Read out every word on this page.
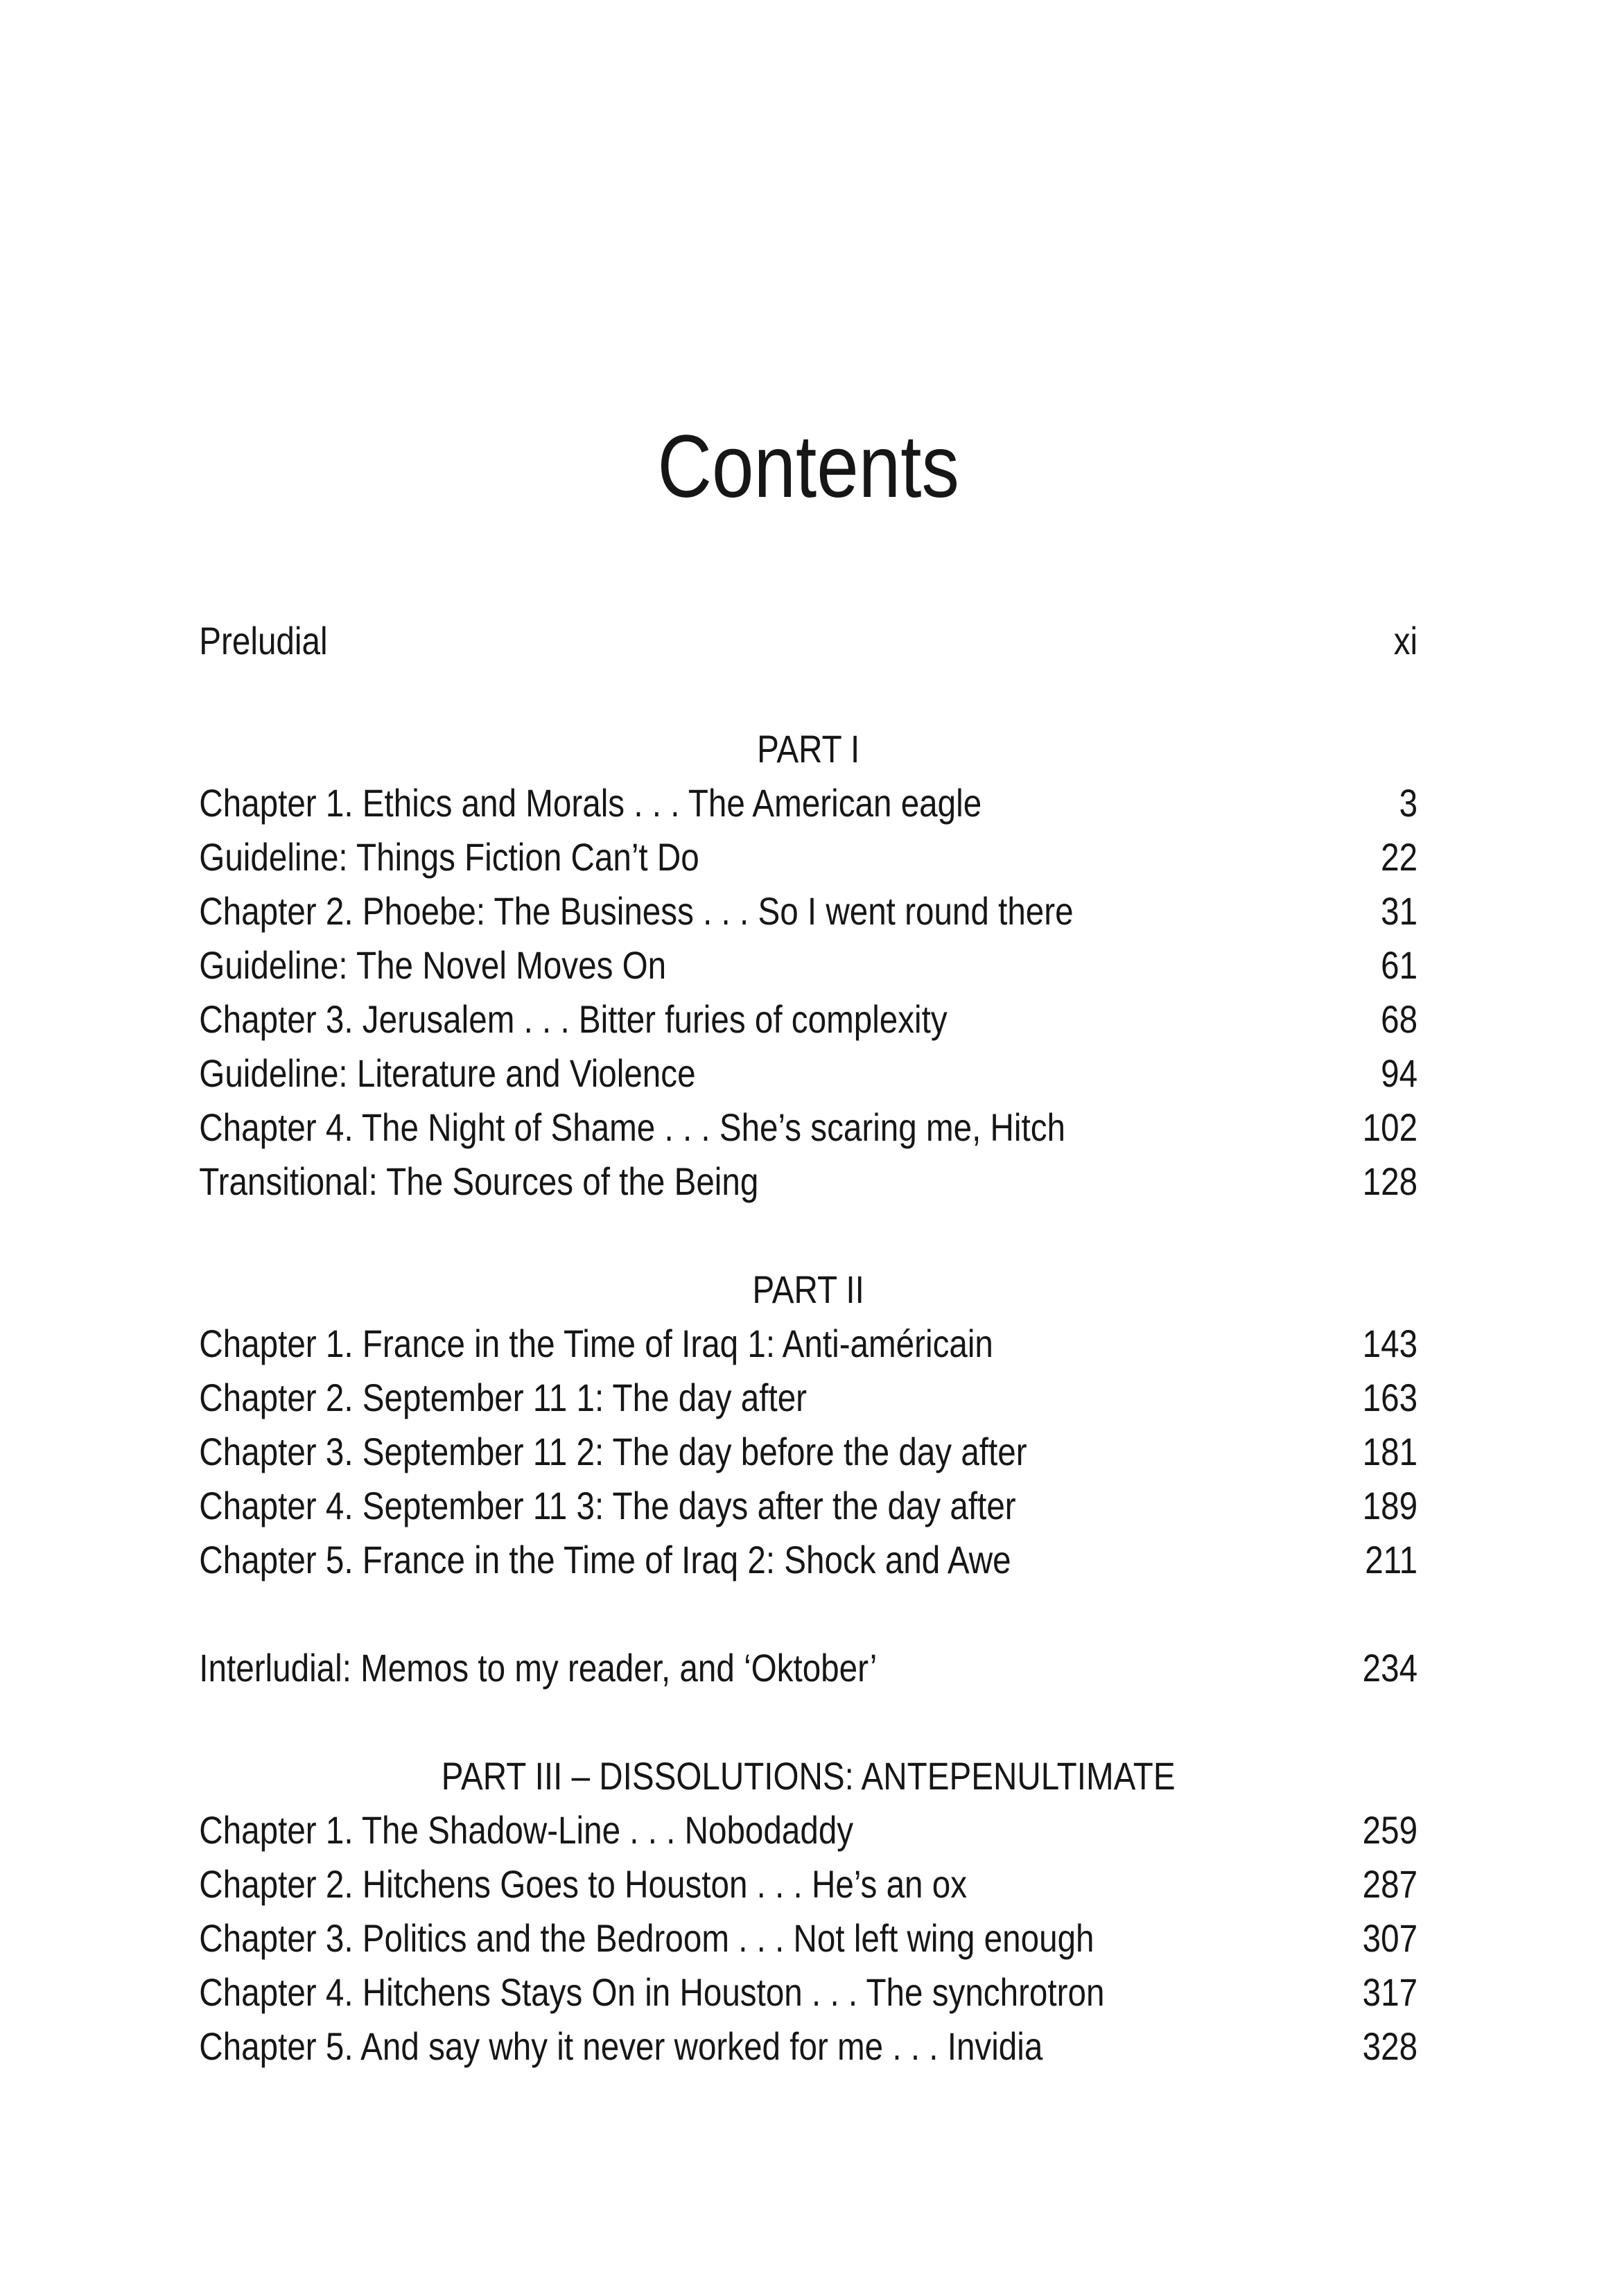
Contents
Preludial	xi
PART I
Chapter 1. Ethics and Morals . . . The American eagle	3
Guideline: Things Fiction Can’t Do	22
Chapter 2. Phoebe: The Business . . . So I went round there	31
Guideline: The Novel Moves On	61
Chapter 3. Jerusalem . . . Bitter furies of complexity	68
Guideline: Literature and Violence	94
Chapter 4. The Night of Shame . . . She’s scaring me, Hitch	102
Transitional: The Sources of the Being	128
PART II
Chapter 1. France in the Time of Iraq 1: Anti-américain	143
Chapter 2. September 11 1: The day after	163
Chapter 3. September 11 2: The day before the day after	181
Chapter 4. September 11 3: The days after the day after	189
Chapter 5. France in the Time of Iraq 2: Shock and Awe	211
Interludial: Memos to my reader, and ‘Oktober’	234
PART III – DISSOLUTIONS: ANTEPENULTIMATE
Chapter 1. The Shadow-Line . . . Nobodaddy	259
Chapter 2. Hitchens Goes to Houston . . . He’s an ox	287
Chapter 3. Politics and the Bedroom . . . Not left wing enough	307
Chapter 4. Hitchens Stays On in Houston . . . The synchrotron	317
Chapter 5. And say why it never worked for me . . . Invidia	328
